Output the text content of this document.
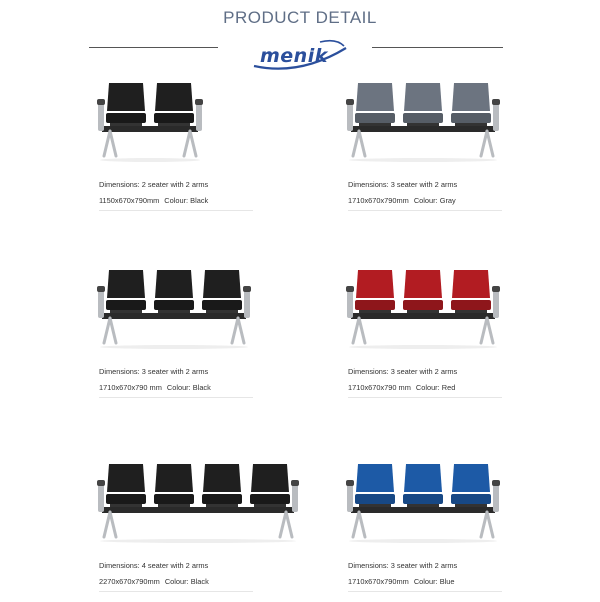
PRODUCT DETAIL
menik
Dimensions: 2 seater with 2 arms
1150x670x790mm Colour: Black
Dimensions: 3 seater with 2 arms
1710x670x790mm Colour: Gray
Dimensions: 3 seater with 2 arms
1710x670x790 mm Colour: Black
Dimensions: 3 seater with 2 arms
1710x670x790 mm Colour: Red
Dimensions: 4 seater with 2 arms
2270x670x790mm Colour: Black
Dimensions: 3 seater with 2 arms
1710x670x790mm Colour: Blue
